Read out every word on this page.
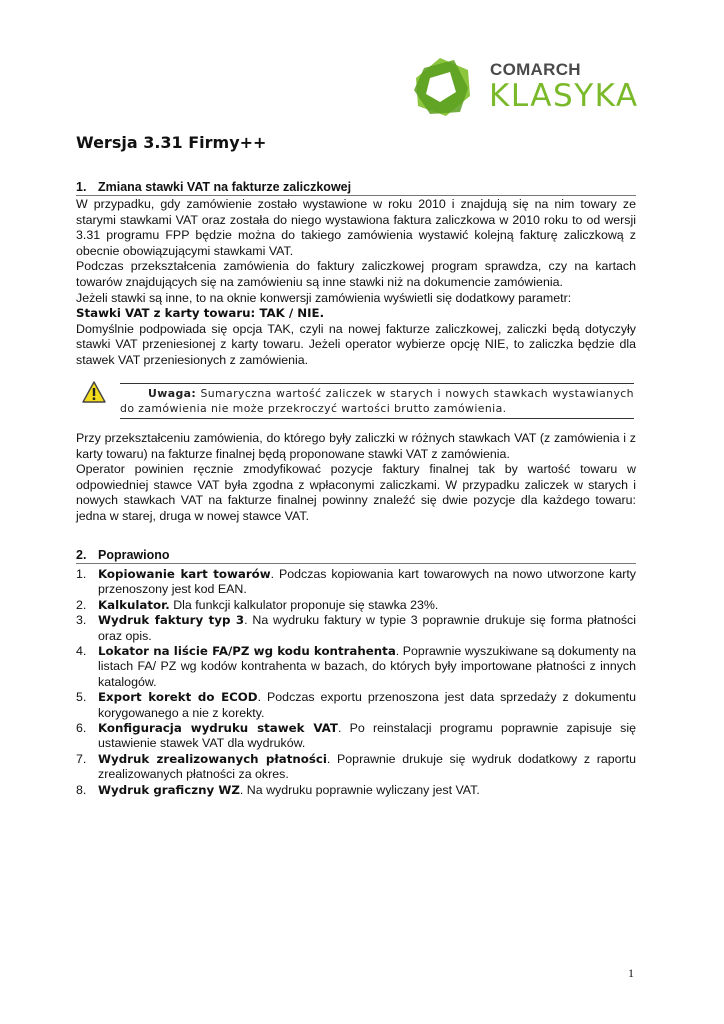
COMARCH
KLASYKA
Wersja 3.31 Firmy++
1. Zmiana stawki VAT na fakturze zaliczkowej

W przypadku, gdy zamówienie zostało wystawione w roku 2010 i znajdują się na nim towary ze starymi stawkami VAT oraz została do niego wystawiona faktura zaliczkowa w 2010 roku to od wersji 3.31 programu FPP będzie można do takiego zamówienia wystawić kolejną fakturę zaliczkową z obecnie obowiązującymi stawkami VAT.

Podczas przekształcenia zamówienia do faktury zaliczkowej program sprawdza, czy na kartach towarów znajdujących się na zamówieniu są inne stawki niż na dokumencie zamówienia.

Jeżeli stawki są inne, to na oknie konwersji zamówienia wyświetli się dodatkowy parametr:

Stawki VAT z karty towaru: TAK / NIE.

Domyślnie podpowiada się opcja TAK, czyli na nowej fakturze zaliczkowej, zaliczki będą dotyczyły stawki VAT przeniesionej z karty towaru. Jeżeli operator wybierze opcję NIE, to zaliczka będzie dla stawek VAT przeniesionych z zamówienia.

Uwaga: Sumaryczna wartość zaliczek w starych i nowych stawkach wystawianych do zamówienia nie może przekroczyć wartości brutto zamówienia.

Przy przekształceniu zamówienia, do którego były zaliczki w różnych stawkach VAT (z zamówienia i z karty towaru) na fakturze finalnej będą proponowane stawki VAT z zamówienia.

Operator powinien ręcznie zmodyfikować pozycje faktury finalnej tak by wartość towaru w odpowiedniej stawce VAT była zgodna z wpłaconymi zaliczkami. W przypadku zaliczek w starych i nowych stawkach VAT na fakturze finalnej powinny znaleźć się dwie pozycje dla każdego towaru: jedna w starej, druga w nowej stawce VAT.

2. Poprawiono
1. Kopiowanie kart towarów. Podczas kopiowania kart towarowych na nowo utworzone karty przenoszony jest kod EAN.
2. Kalkulator. Dla funkcji kalkulator proponuje się stawka 23%.
3. Wydruk faktury typ 3. Na wydruku faktury w typie 3 poprawnie drukuje się forma płatności oraz opis.
4. Lokator na liście FA/PZ wg kodu kontrahenta. Poprawnie wyszukiwane są dokumenty na listach FA/ PZ wg kodów kontrahenta w bazach, do których były importowane płatności z innych katalogów.
5. Export korekt do ECOD. Podczas exportu przenoszona jest data sprzedaży z dokumentu korygowanego a nie z korekty.
6. Konfiguracja wydruku stawek VAT. Po reinstalacji programu poprawnie zapisuje się ustawienie stawek VAT dla wydruków.
7. Wydruk zrealizowanych płatności. Poprawnie drukuje się wydruk dodatkowy z raportu zrealizowanych płatności za okres.
8. Wydruk graficzny WZ. Na wydruku poprawnie wyliczany jest VAT.
1
